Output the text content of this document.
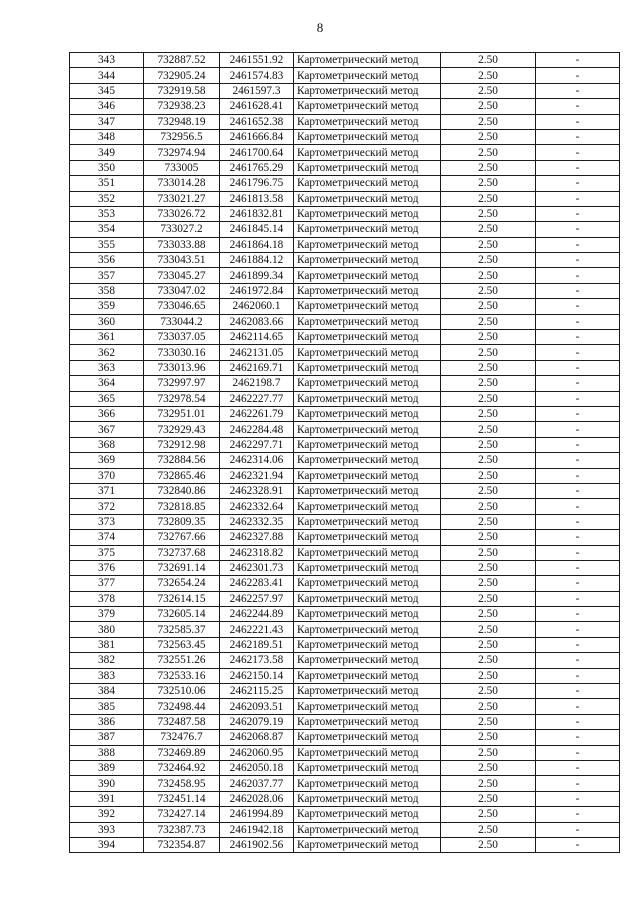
8
343	732887.52	2461551.92	Картометрический метод	2.50	-
344	732905.24	2461574.83	Картометрический метод	2.50	-
345	732919.58	2461597.3	Картометрический метод	2.50	-
346	732938.23	2461628.41	Картометрический метод	2.50	-
347	732948.19	2461652.38	Картометрический метод	2.50	-
348	732956.5	2461666.84	Картометрический метод	2.50	-
349	732974.94	2461700.64	Картометрический метод	2.50	-
350	733005	2461765.29	Картометрический метод	2.50	-
351	733014.28	2461796.75	Картометрический метод	2.50	-
352	733021.27	2461813.58	Картометрический метод	2.50	-
353	733026.72	2461832.81	Картометрический метод	2.50	-
354	733027.2	2461845.14	Картометрический метод	2.50	-
355	733033.88	2461864.18	Картометрический метод	2.50	-
356	733043.51	2461884.12	Картометрический метод	2.50	-
357	733045.27	2461899.34	Картометрический метод	2.50	-
358	733047.02	2461972.84	Картометрический метод	2.50	-
359	733046.65	2462060.1	Картометрический метод	2.50	-
360	733044.2	2462083.66	Картометрический метод	2.50	-
361	733037.05	2462114.65	Картометрический метод	2.50	-
362	733030.16	2462131.05	Картометрический метод	2.50	-
363	733013.96	2462169.71	Картометрический метод	2.50	-
364	732997.97	2462198.7	Картометрический метод	2.50	-
365	732978.54	2462227.77	Картометрический метод	2.50	-
366	732951.01	2462261.79	Картометрический метод	2.50	-
367	732929.43	2462284.48	Картометрический метод	2.50	-
368	732912.98	2462297.71	Картометрический метод	2.50	-
369	732884.56	2462314.06	Картометрический метод	2.50	-
370	732865.46	2462321.94	Картометрический метод	2.50	-
371	732840.86	2462328.91	Картометрический метод	2.50	-
372	732818.85	2462332.64	Картометрический метод	2.50	-
373	732809.35	2462332.35	Картометрический метод	2.50	-
374	732767.66	2462327.88	Картометрический метод	2.50	-
375	732737.68	2462318.82	Картометрический метод	2.50	-
376	732691.14	2462301.73	Картометрический метод	2.50	-
377	732654.24	2462283.41	Картометрический метод	2.50	-
378	732614.15	2462257.97	Картометрический метод	2.50	-
379	732605.14	2462244.89	Картометрический метод	2.50	-
380	732585.37	2462221.43	Картометрический метод	2.50	-
381	732563.45	2462189.51	Картометрический метод	2.50	-
382	732551.26	2462173.58	Картометрический метод	2.50	-
383	732533.16	2462150.14	Картометрический метод	2.50	-
384	732510.06	2462115.25	Картометрический метод	2.50	-
385	732498.44	2462093.51	Картометрический метод	2.50	-
386	732487.58	2462079.19	Картометрический метод	2.50	-
387	732476.7	2462068.87	Картометрический метод	2.50	-
388	732469.89	2462060.95	Картометрический метод	2.50	-
389	732464.92	2462050.18	Картометрический метод	2.50	-
390	732458.95	2462037.77	Картометрический метод	2.50	-
391	732451.14	2462028.06	Картометрический метод	2.50	-
392	732427.14	2461994.89	Картометрический метод	2.50	-
393	732387.73	2461942.18	Картометрический метод	2.50	-
394	732354.87	2461902.56	Картометрический метод	2.50	-
